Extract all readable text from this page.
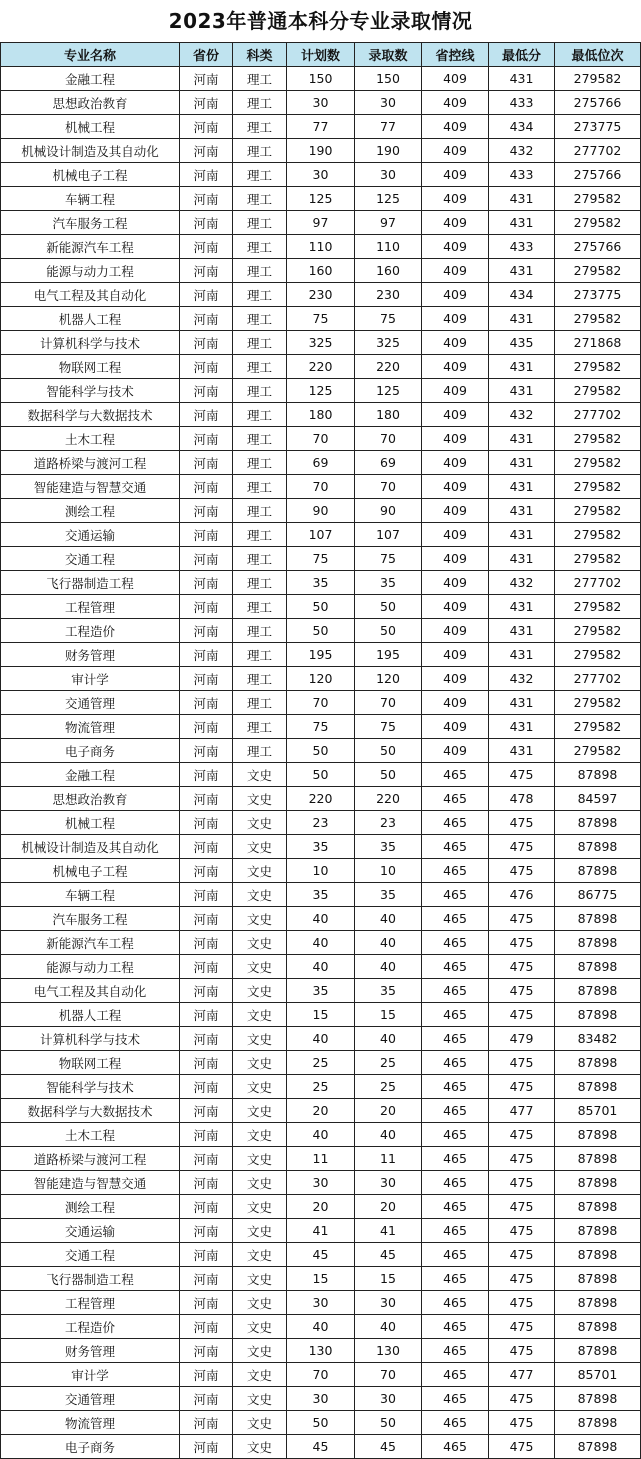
2023年普通本科分专业录取情况
专业名称	省份	科类	计划数	录取数	省控线	最低分	最低位次
金融工程	河南	理工	150	150	409	431	279582
思想政治教育	河南	理工	30	30	409	433	275766
机械工程	河南	理工	77	77	409	434	273775
机械设计制造及其自动化	河南	理工	190	190	409	432	277702
机械电子工程	河南	理工	30	30	409	433	275766
车辆工程	河南	理工	125	125	409	431	279582
汽车服务工程	河南	理工	97	97	409	431	279582
新能源汽车工程	河南	理工	110	110	409	433	275766
能源与动力工程	河南	理工	160	160	409	431	279582
电气工程及其自动化	河南	理工	230	230	409	434	273775
机器人工程	河南	理工	75	75	409	431	279582
计算机科学与技术	河南	理工	325	325	409	435	271868
物联网工程	河南	理工	220	220	409	431	279582
智能科学与技术	河南	理工	125	125	409	431	279582
数据科学与大数据技术	河南	理工	180	180	409	432	277702
土木工程	河南	理工	70	70	409	431	279582
道路桥梁与渡河工程	河南	理工	69	69	409	431	279582
智能建造与智慧交通	河南	理工	70	70	409	431	279582
测绘工程	河南	理工	90	90	409	431	279582
交通运输	河南	理工	107	107	409	431	279582
交通工程	河南	理工	75	75	409	431	279582
飞行器制造工程	河南	理工	35	35	409	432	277702
工程管理	河南	理工	50	50	409	431	279582
工程造价	河南	理工	50	50	409	431	279582
财务管理	河南	理工	195	195	409	431	279582
审计学	河南	理工	120	120	409	432	277702
交通管理	河南	理工	70	70	409	431	279582
物流管理	河南	理工	75	75	409	431	279582
电子商务	河南	理工	50	50	409	431	279582
金融工程	河南	文史	50	50	465	475	87898
思想政治教育	河南	文史	220	220	465	478	84597
机械工程	河南	文史	23	23	465	475	87898
机械设计制造及其自动化	河南	文史	35	35	465	475	87898
机械电子工程	河南	文史	10	10	465	475	87898
车辆工程	河南	文史	35	35	465	476	86775
汽车服务工程	河南	文史	40	40	465	475	87898
新能源汽车工程	河南	文史	40	40	465	475	87898
能源与动力工程	河南	文史	40	40	465	475	87898
电气工程及其自动化	河南	文史	35	35	465	475	87898
机器人工程	河南	文史	15	15	465	475	87898
计算机科学与技术	河南	文史	40	40	465	479	83482
物联网工程	河南	文史	25	25	465	475	87898
智能科学与技术	河南	文史	25	25	465	475	87898
数据科学与大数据技术	河南	文史	20	20	465	477	85701
土木工程	河南	文史	40	40	465	475	87898
道路桥梁与渡河工程	河南	文史	11	11	465	475	87898
智能建造与智慧交通	河南	文史	30	30	465	475	87898
测绘工程	河南	文史	20	20	465	475	87898
交通运输	河南	文史	41	41	465	475	87898
交通工程	河南	文史	45	45	465	475	87898
飞行器制造工程	河南	文史	15	15	465	475	87898
工程管理	河南	文史	30	30	465	475	87898
工程造价	河南	文史	40	40	465	475	87898
财务管理	河南	文史	130	130	465	475	87898
审计学	河南	文史	70	70	465	477	85701
交通管理	河南	文史	30	30	465	475	87898
物流管理	河南	文史	50	50	465	475	87898
电子商务	河南	文史	45	45	465	475	87898
